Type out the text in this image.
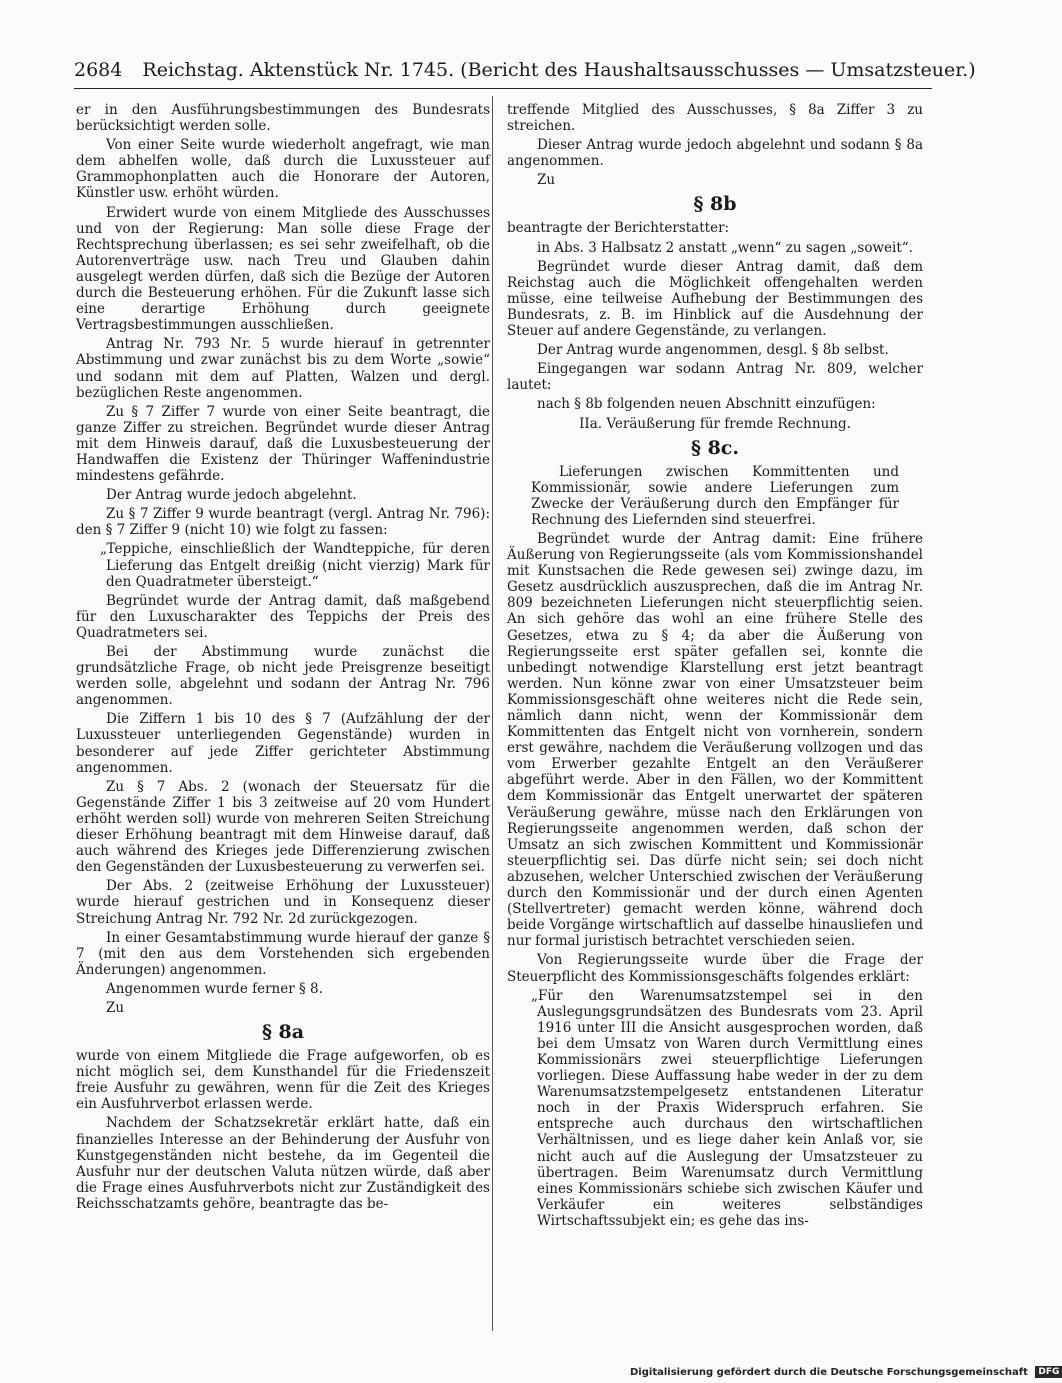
2684 Reichstag. Aktenstück Nr. 1745. (Bericht des Haushaltsausschusses — Umsatzsteuer.)

er in den Ausführungsbestimmungen des Bundesrats berücksichtigt werden solle.

Von einer Seite wurde wiederholt angefragt, wie man dem abhelfen wolle, daß durch die Luxussteuer auf Grammophonplatten auch die Honorare der Autoren, Künstler usw. erhöht würden.

Erwidert wurde von einem Mitgliede des Ausschusses und von der Regierung: Man solle diese Frage der Rechtsprechung überlassen; es sei sehr zweifelhaft, ob die Autorenverträge usw. nach Treu und Glauben dahin ausgelegt werden dürfen, daß sich die Bezüge der Autoren durch die Besteuerung erhöhen. Für die Zukunft lasse sich eine derartige Erhöhung durch geeignete Vertragsbestimmungen ausschließen.

Antrag Nr. 793 Nr. 5 wurde hierauf in getrennter Abstimmung und zwar zunächst bis zu dem Worte „sowie“ und sodann mit dem auf Platten, Walzen und dergl. bezüglichen Reste angenommen.

Zu § 7 Ziffer 7 wurde von einer Seite beantragt, die ganze Ziffer zu streichen. Begründet wurde dieser Antrag mit dem Hinweis darauf, daß die Luxusbesteuerung der Handwaffen die Existenz der Thüringer Waffenindustrie mindestens gefährde.

Der Antrag wurde jedoch abgelehnt.

Zu § 7 Ziffer 9 wurde beantragt (vergl. Antrag Nr. 796): den § 7 Ziffer 9 (nicht 10) wie folgt zu fassen:

„Teppiche, einschließlich der Wandteppiche, für deren Lieferung das Entgelt dreißig (nicht vierzig) Mark für den Quadratmeter übersteigt.“

Begründet wurde der Antrag damit, daß maßgebend für den Luxuscharakter des Teppichs der Preis des Quadratmeters sei.

Bei der Abstimmung wurde zunächst die grundsätzliche Frage, ob nicht jede Preisgrenze beseitigt werden solle, abgelehnt und sodann der Antrag Nr. 796 angenommen.

Die Ziffern 1 bis 10 des § 7 (Aufzählung der der Luxussteuer unterliegenden Gegenstände) wurden in besonderer auf jede Ziffer gerichteter Abstimmung angenommen.

Zu § 7 Abs. 2 (wonach der Steuersatz für die Gegenstände Ziffer 1 bis 3 zeitweise auf 20 vom Hundert erhöht werden soll) wurde von mehreren Seiten Streichung dieser Erhöhung beantragt mit dem Hinweise darauf, daß auch während des Krieges jede Differenzierung zwischen den Gegenständen der Luxusbesteuerung zu verwerfen sei.

Der Abs. 2 (zeitweise Erhöhung der Luxussteuer) wurde hierauf gestrichen und in Konsequenz dieser Streichung Antrag Nr. 792 Nr. 2d zurückgezogen.

In einer Gesamtabstimmung wurde hierauf der ganze § 7 (mit den aus dem Vorstehenden sich ergebenden Änderungen) angenommen.

Angenommen wurde ferner § 8.

Zu

§ 8a

wurde von einem Mitgliede die Frage aufgeworfen, ob es nicht möglich sei, dem Kunsthandel für die Friedenszeit freie Ausfuhr zu gewähren, wenn für die Zeit des Krieges ein Ausfuhrverbot erlassen werde.

Nachdem der Schatzsekretär erklärt hatte, daß ein finanzielles Interesse an der Behinderung der Ausfuhr von Kunstgegenständen nicht bestehe, da im Gegenteil die Ausfuhr nur der deutschen Valuta nützen würde, daß aber die Frage eines Ausfuhrverbots nicht zur Zuständigkeit des Reichsschatzamts gehöre, beantragte das be-

treffende Mitglied des Ausschusses, § 8a Ziffer 3 zu streichen.

Dieser Antrag wurde jedoch abgelehnt und sodann § 8a angenommen.

Zu

§ 8b

beantragte der Berichterstatter:

in Abs. 3 Halbsatz 2 anstatt „wenn“ zu sagen „soweit“.

Begründet wurde dieser Antrag damit, daß dem Reichstag auch die Möglichkeit offengehalten werden müsse, eine teilweise Aufhebung der Bestimmungen des Bundesrats, z. B. im Hinblick auf die Ausdehnung der Steuer auf andere Gegenstände, zu verlangen.

Der Antrag wurde angenommen, desgl. § 8b selbst.

Eingegangen war sodann Antrag Nr. 809, welcher lautet:

nach § 8b folgenden neuen Abschnitt einzufügen:

IIa. Veräußerung für fremde Rechnung.

§ 8c.

Lieferungen zwischen Kommittenten und Kommissionär, sowie andere Lieferungen zum Zwecke der Veräußerung durch den Empfänger für Rechnung des Liefernden sind steuerfrei.

Begründet wurde der Antrag damit: Eine frühere Äußerung von Regierungsseite (als vom Kommissionshandel mit Kunstsachen die Rede gewesen sei) zwinge dazu, im Gesetz ausdrücklich auszusprechen, daß die im Antrag Nr. 809 bezeichneten Lieferungen nicht steuerpflichtig seien. An sich gehöre das wohl an eine frühere Stelle des Gesetzes, etwa zu § 4; da aber die Äußerung von Regierungsseite erst später gefallen sei, konnte die unbedingt notwendige Klarstellung erst jetzt beantragt werden. Nun könne zwar von einer Umsatzsteuer beim Kommissionsgeschäft ohne weiteres nicht die Rede sein, nämlich dann nicht, wenn der Kommissionär dem Kommittenten das Entgelt nicht von vornherein, sondern erst gewähre, nachdem die Veräußerung vollzogen und das vom Erwerber gezahlte Entgelt an den Veräußerer abgeführt werde. Aber in den Fällen, wo der Kommittent dem Kommissionär das Entgelt unerwartet der späteren Veräußerung gewähre, müsse nach den Erklärungen von Regierungsseite angenommen werden, daß schon der Umsatz an sich zwischen Kommittent und Kommissionär steuerpflichtig sei. Das dürfe nicht sein; sei doch nicht abzusehen, welcher Unterschied zwischen der Veräußerung durch den Kommissionär und der durch einen Agenten (Stellvertreter) gemacht werden könne, während doch beide Vorgänge wirtschaftlich auf dasselbe hinausliefen und nur formal juristisch betrachtet verschieden seien.

Von Regierungsseite wurde über die Frage der Steuerpflicht des Kommissionsgeschäfts folgendes erklärt:

„Für den Warenumsatzstempel sei in den Auslegungsgrundsätzen des Bundesrats vom 23. April 1916 unter III die Ansicht ausgesprochen worden, daß bei dem Umsatz von Waren durch Vermittlung eines Kommissionärs zwei steuerpflichtige Lieferungen vorliegen. Diese Auffassung habe weder in der zu dem Warenumsatzstempelgesetz entstandenen Literatur noch in der Praxis Widerspruch erfahren. Sie entspreche auch durchaus den wirtschaftlichen Verhältnissen, und es liege daher kein Anlaß vor, sie nicht auch auf die Auslegung der Umsatzsteuer zu übertragen. Beim Warenumsatz durch Vermittlung eines Kommissionärs schiebe sich zwischen Käufer und Verkäufer ein weiteres selbständiges Wirtschaftssubjekt ein; es gehe das ins-

Digitalisierung gefördert durch die Deutsche Forschungsgemeinschaft DFG
